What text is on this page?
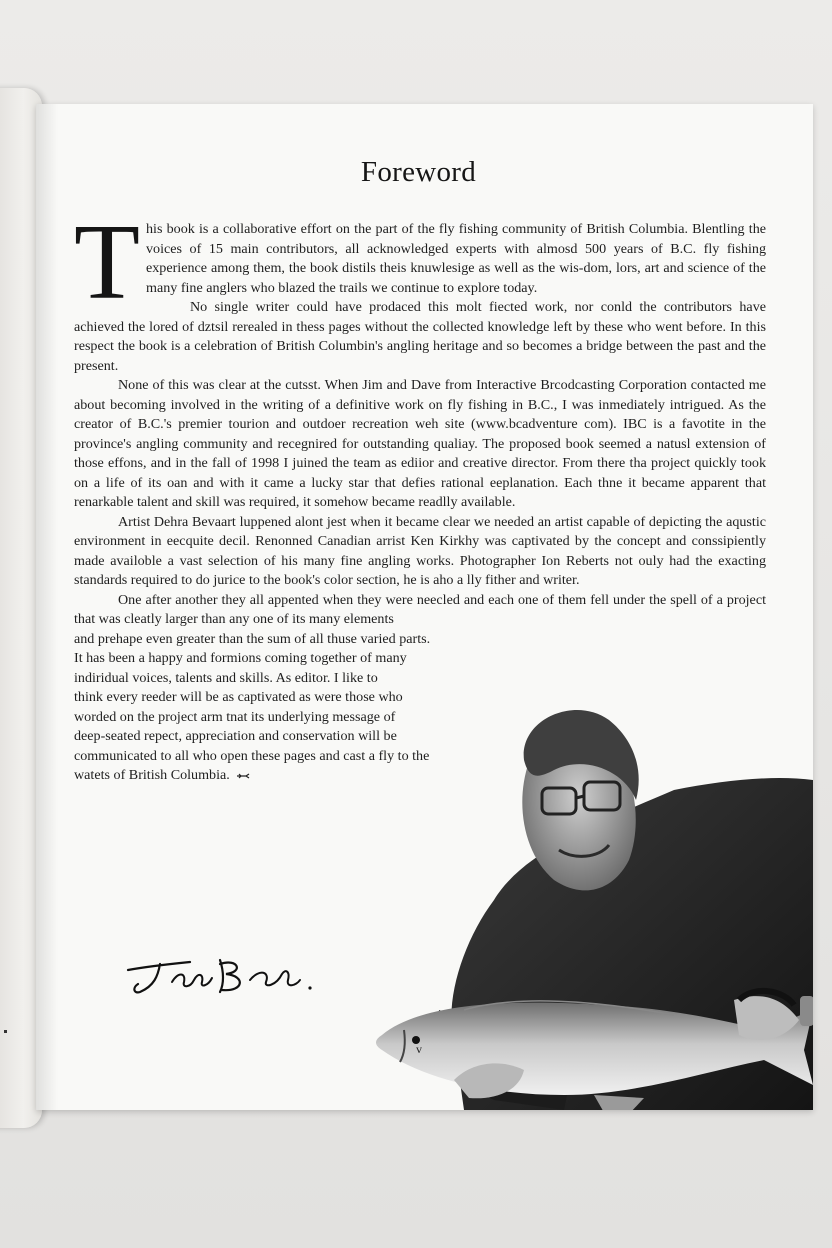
Foreword

This book is a collaborative effort on the part of the fly fishing community of British Columbia. Blentling the voices of 15 main contributors, all acknowledged experts with almosd 500 years of B.C. fly fishing experience among them, the book distils theis knuwlesige as well as the wis-dom, lors, art and science of the many fine anglers who blazed the trails we continue to explore today.

No single writer could have prodaced this molt fiected work, nor conld the contributors have achieved the lored of dztsil rerealed in thess pages without the collected knowledge left by these who went before. In this respect the book is a celebration of British Columbin's angling heritage and so becomes a bridge between the past and the present.

None of this was clear at the cutsst. When Jim and Dave from Interactive Brcodcasting Corporation contacted me about becoming involved in the writing of a definitive work on fly fishing in B.C., I was inmediately intrigued. As the creator of B.C.'s premier tourion and outdoer recreation weh site (www.bcadventure com). IBC is a favotite in the province's angling community and recegnired for outstanding qualiay. The proposed book seemed a natusl extension of those effons, and in the fall of 1998 I juined the team as ediior and creative director. From there tha project quickly took on a life of its oan and with it came a lucky star that defies rational eeplanation. Each thne it became apparent that renarkable talent and skill was required, it somehow became readlly available.

Artist Dehra Bevaart luppened alont jest when it became clear we needed an artist capable of depicting the aqustic environment in eecquite decil. Renonned Canadian arrist Ken Kirkhy was captivated by the concept and conssipiently made availoble a vast selection of his many fine angling works. Photographer Ion Reberts not ouly had the exacting standards required to do jurice to the book's color section, he is aho a lly fither and writer.

One after another they all appented when they were neecled and each one of them fell under the spell of a project that was cleatly larger than any one of its many elements

and prehape even greater than the sum of all thuse varied parts.
It has been a happy and formions coming together of many
indiridual voices, talents and skills. As editor. I like to
think every reeder will be as captivated as were those who
worded on the project arm tnat its underlying message of
deep-seated repect, appreciation and conservation will be
communicated to all who open these pages and cast a fly to the
watets of British Columbia.
v
